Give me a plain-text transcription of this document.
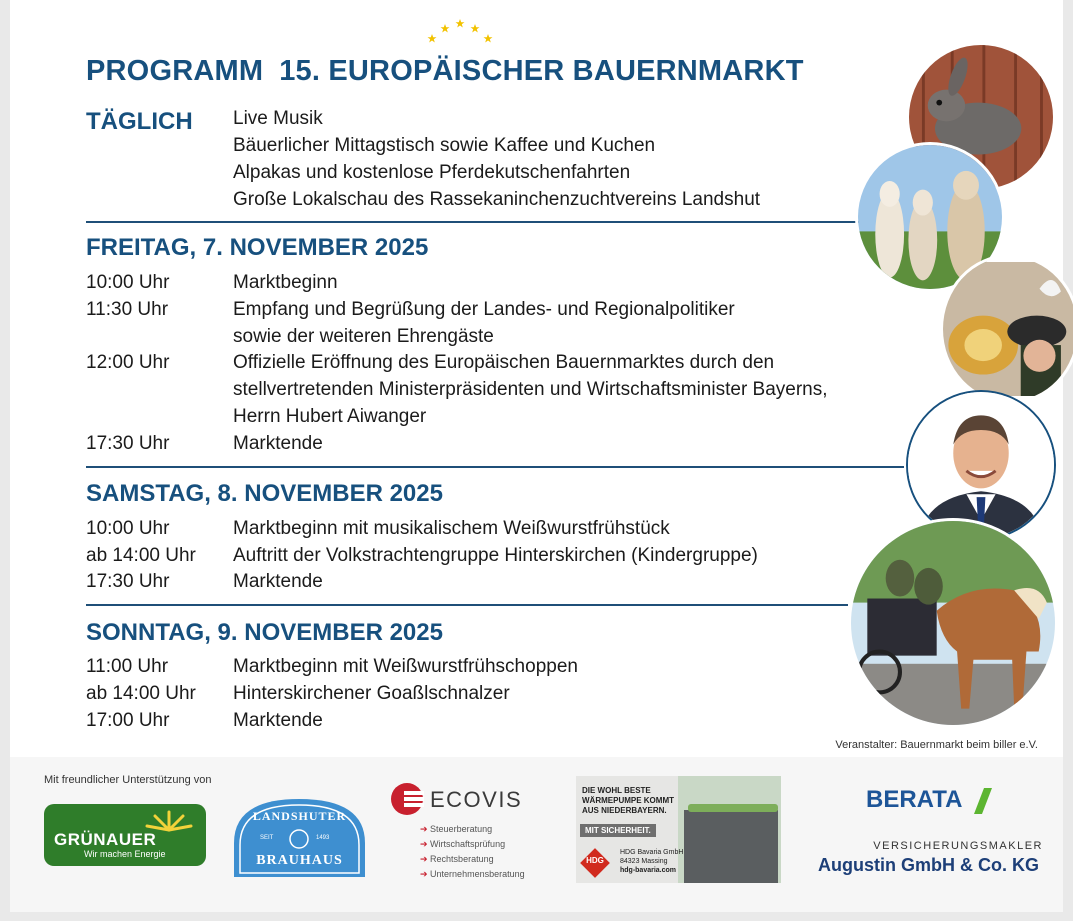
PROGRAMM 15. EUROPÄISCHER BAUERNMARKT
TÄGLICH Live Musik
Bäuerlicher Mittagstisch sowie Kaffee und Kuchen
Alpakas und kostenlose Pferdekutschenfahrten
Große Lokalschau des Rassekaninchenzuchtvereins Landshut
FREITAG, 7. NOVEMBER 2025
10:00 Uhr	Marktbeginn
11:30 Uhr	Empfang und Begrüßung der Landes- und Regionalpolitiker
sowie der weiteren Ehrengäste
12:00 Uhr	Offizielle Eröffnung des Europäischen Bauernmarktes durch den
stellvertretenden Ministerpräsidenten und Wirtschaftsminister Bayerns,
Herrn Hubert Aiwanger
17:30 Uhr	Marktende
SAMSTAG, 8. NOVEMBER 2025
10:00 Uhr	Marktbeginn mit musikalischem Weißwurstfrühstück
ab 14:00 Uhr Auftritt der Volkstrachtengruppe Hinterskirchen (Kindergruppe)
17:30 Uhr	Marktende
SONNTAG, 9. NOVEMBER 2025
11:00 Uhr	Marktbeginn mit Weißwurstfrühschoppen
ab 14:00 Uhr Hinterskirchener Goaßlschnalzer
17:00 Uhr	Marktende
Veranstalter: Bauernmarkt beim biller e.V.
Mit freundlicher Unterstützung von
GRÜNAUER
Wir machen Energie
LANDSHUTER
SEIT	1493
BRAUHAUS
ECOVIS
➔ Steuerberatung
➔ Wirtschaftsprüfung
➔ Rechtsberatung
➔ Unternehmensberatung
DIE WOHL BESTE
WÄRMEPUMPE KOMMT
AUS NIEDERBAYERN.
MIT SICHERHEIT.
HDG
HDG Bavaria GmbH
84323 Massing
hdg-bavaria.com
BERATA
VERSICHERUNGSMAKLER
Augustin GmbH & Co. KG
